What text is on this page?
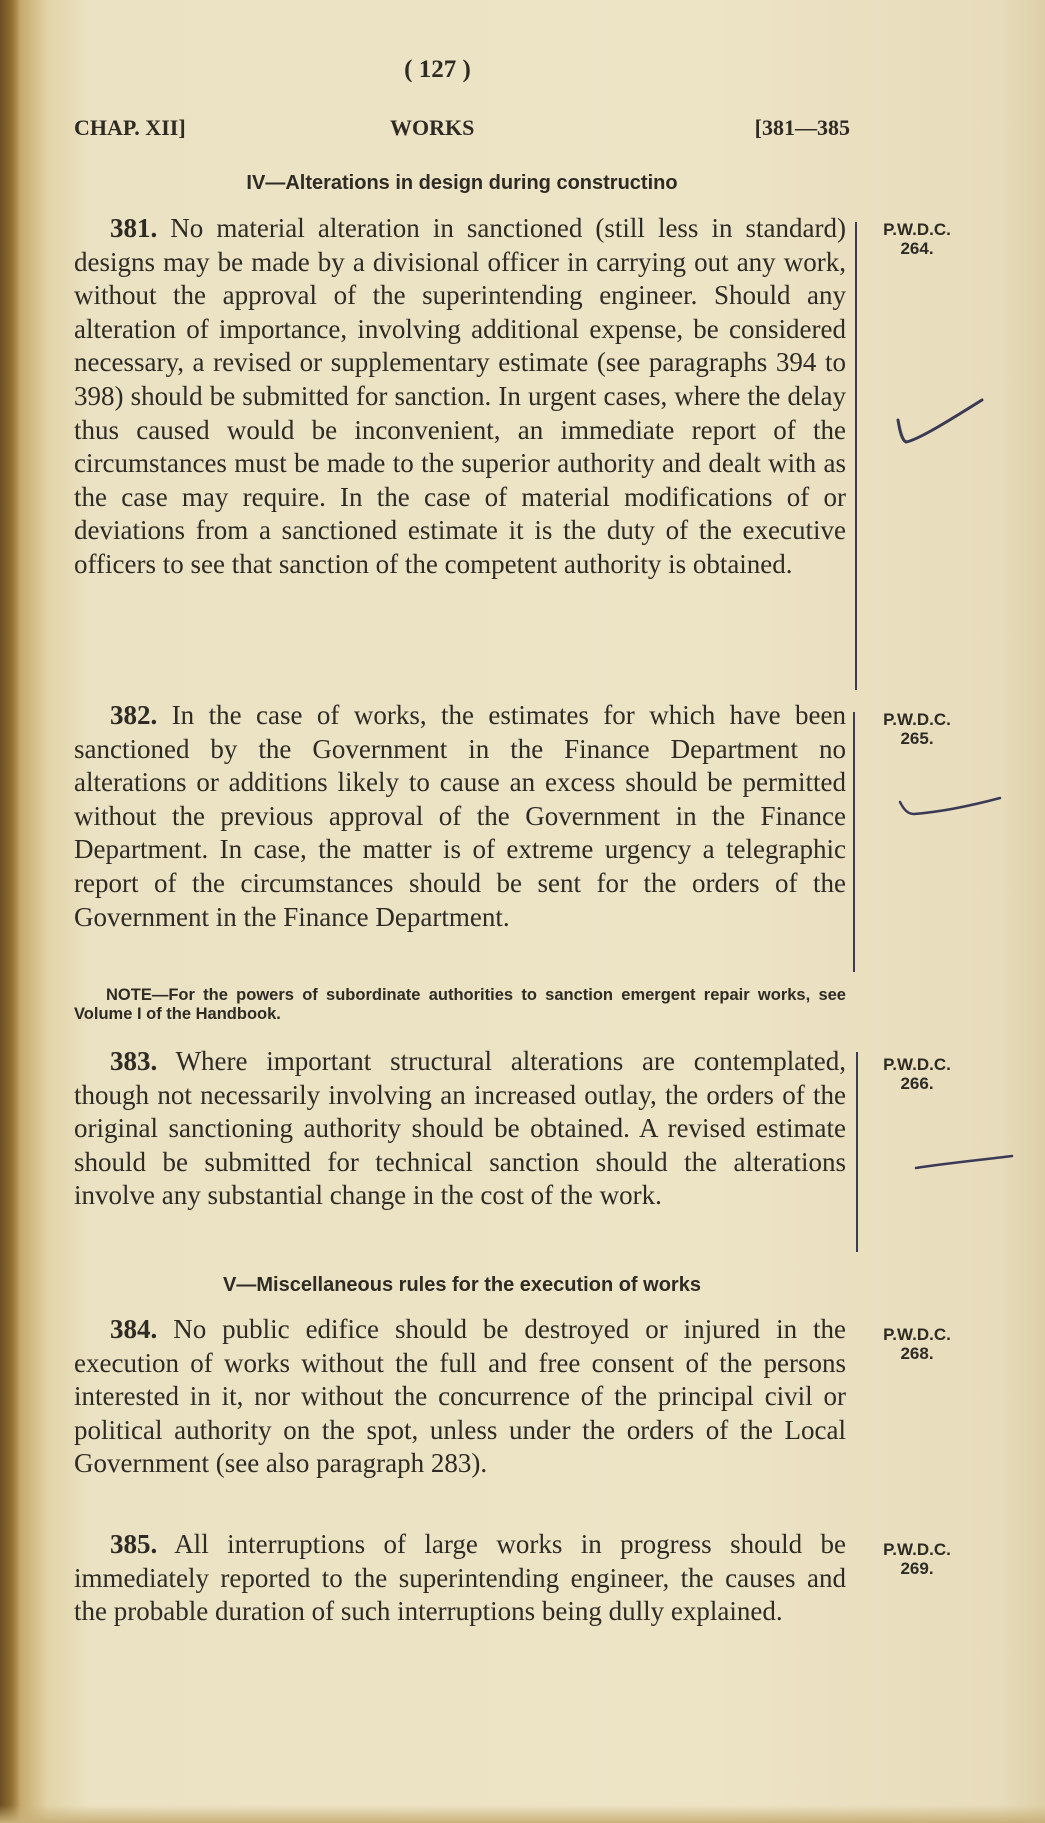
( 127 )
CHAP. XII]	WORKS	[381—385
IV—Alterations in design during constructino
381. No material alteration in sanctioned (still less in standard) designs may be made by a divisional officer in carrying out any work, without the approval of the superintending engineer. Should any alteration of importance, involving additional expense, be considered necessary, a revised or supplementary estimate (see paragraphs 394 to 398) should be submitted for sanction. In urgent cases, where the delay thus caused would be inconvenient, an immediate report of the circumstances must be made to the superior authority and dealt with as the case may require. In the case of material modifications of or deviations from a sanctioned estimate it is the duty of the executive officers to see that sanction of the competent authority is obtained.
382. In the case of works, the estimates for which have been sanctioned by the Government in the Finance Department no alterations or additions likely to cause an excess should be permitted without the previous approval of the Government in the Finance Department. In case, the matter is of extreme urgency a telegraphic report of the circumstances should be sent for the orders of the Government in the Finance Department.
NOTE—For the powers of subordinate authorities to sanction emergent repair works, see Volume I of the Handbook.
383. Where important structural alterations are contemplated, though not necessarily involving an increased outlay, the orders of the original sanctioning authority should be obtained. A revised estimate should be submitted for technical sanction should the alterations involve any substantial change in the cost of the work.
V—Miscellaneous rules for the execution of works
384. No public edifice should be destroyed or injured in the execution of works without the full and free consent of the persons interested in it, nor without the concurrence of the principal civil or political authority on the spot, unless under the orders of the Local Government (see also paragraph 283).
385. All interruptions of large works in progress should be immediately reported to the superintending engineer, the causes and the probable duration of such interruptions being dully explained.
P.W.D.C.
264.
P.W.D.C.
265.
P.W.D.C.
266.
P.W.D.C.
268.
P.W.D.C.
269.
